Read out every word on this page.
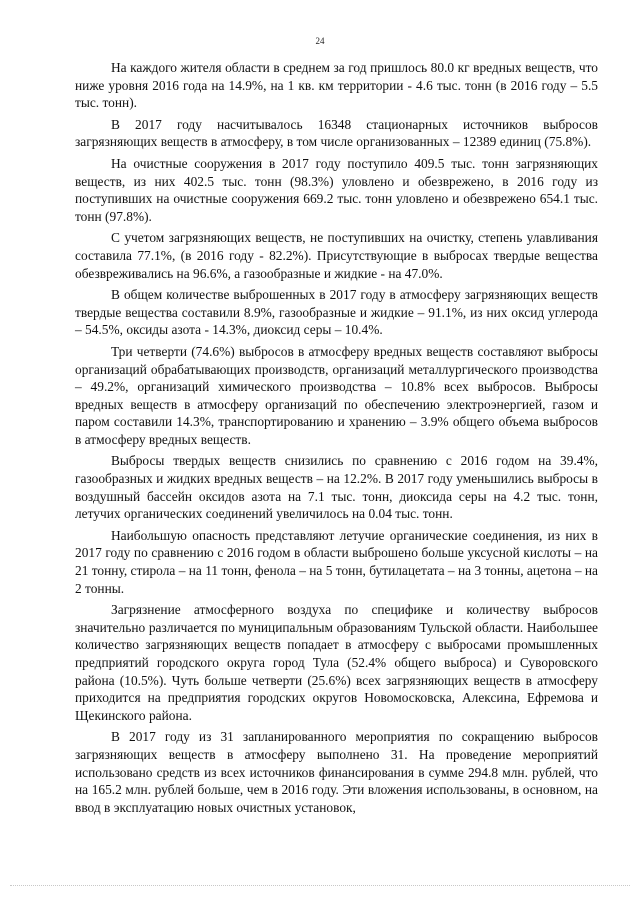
24

На каждого жителя области в среднем за год пришлось 80.0 кг вредных веществ, что ниже уровня 2016 года на 14.9%, на 1 кв. км территории - 4.6 тыс. тонн (в 2016 году – 5.5 тыс. тонн).

В 2017 году насчитывалось 16348 стационарных источников выбросов загрязняющих веществ в атмосферу, в том числе организованных – 12389 единиц (75.8%).

На очистные сооружения в 2017 году поступило 409.5 тыс. тонн загрязняющих веществ, из них 402.5 тыс. тонн (98.3%) уловлено и обезврежено, в 2016 году из поступивших на очистные сооружения 669.2 тыс. тонн уловлено и обезврежено 654.1 тыс. тонн (97.8%).

С учетом загрязняющих веществ, не поступивших на очистку, степень улавливания составила 77.1%, (в 2016 году - 82.2%). Присутствующие в выбросах твердые вещества обезвреживались на 96.6%, а газообразные и жидкие - на 47.0%.

В общем количестве выброшенных в 2017 году в атмосферу загрязняющих веществ твердые вещества составили 8.9%, газообразные и жидкие – 91.1%, из них оксид углерода – 54.5%, оксиды азота - 14.3%, диоксид серы – 10.4%.

Три четверти (74.6%) выбросов в атмосферу вредных веществ составляют выбросы организаций обрабатывающих производств, организаций металлургического производства – 49.2%, организаций химического производства – 10.8% всех выбросов. Выбросы вредных веществ в атмосферу организаций по обеспечению электроэнергией, газом и паром составили 14.3%, транспортированию и хранению – 3.9% общего объема выбросов в атмосферу вредных веществ.

Выбросы твердых веществ снизились по сравнению с 2016 годом на 39.4%, газообразных и жидких вредных веществ – на 12.2%. В 2017 году уменьшились выбросы в воздушный бассейн оксидов азота на 7.1 тыс. тонн, диоксида серы на 4.2 тыс. тонн, летучих органических соединений увеличилось на 0.04 тыс. тонн.

Наибольшую опасность представляют летучие органические соединения, из них в 2017 году по сравнению с 2016 годом в области выброшено больше уксусной кислоты – на 21 тонну, стирола – на 11 тонн, фенола – на 5 тонн, бутилацетата – на 3 тонны, ацетона – на 2 тонны.

Загрязнение атмосферного воздуха по специфике и количеству выбросов значительно различается по муниципальным образованиям Тульской области. Наибольшее количество загрязняющих веществ попадает в атмосферу с выбросами промышленных предприятий городского округа город Тула (52.4% общего выброса) и Суворовского района (10.5%). Чуть больше четверти (25.6%) всех загрязняющих веществ в атмосферу приходится на предприятия городских округов Новомосковска, Алексина, Ефремова и Щекинского района.

В 2017 году из 31 запланированного мероприятия по сокращению выбросов загрязняющих веществ в атмосферу выполнено 31. На проведение мероприятий использовано средств из всех источников финансирования в сумме 294.8 млн. рублей, что на 165.2 млн. рублей больше, чем в 2016 году. Эти вложения использованы, в основном, на ввод в эксплуатацию новых очистных установок,
